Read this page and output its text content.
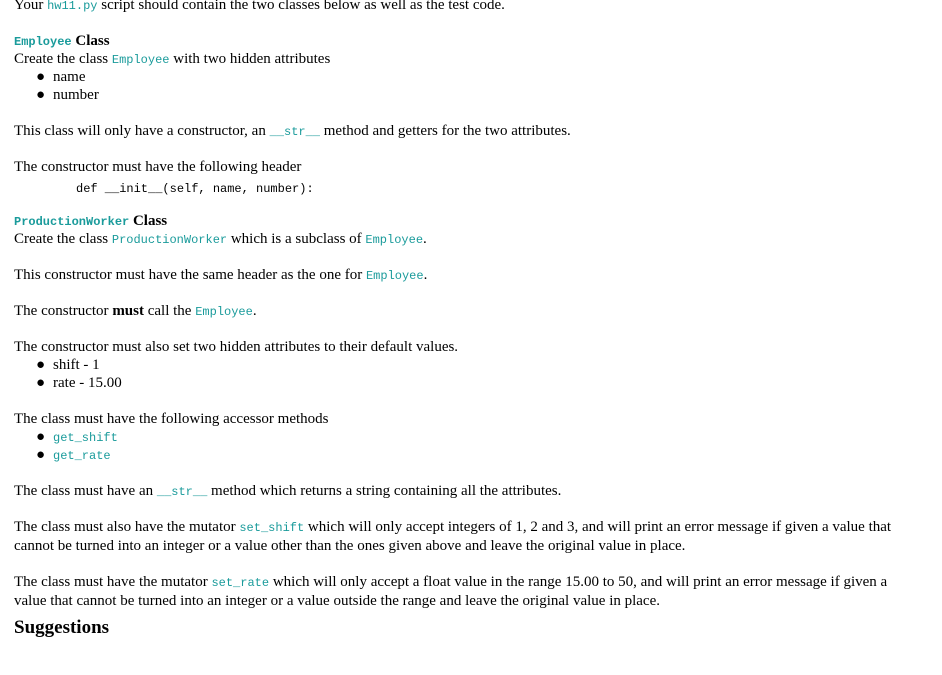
Your hw11.py script should contain the two classes below as well as the test code.
Employee Class
Create the class Employee with two hidden attributes
● name
● number
This class will only have a constructor, an __str__ method and getters for the two attributes.
The constructor must have the following header
def __init__(self, name, number):
ProductionWorker Class
Create the class ProductionWorker which is a subclass of Employee.
This constructor must have the same header as the one for Employee.
The constructor must call the Employee.
The constructor must also set two hidden attributes to their default values.
● shift - 1
● rate - 15.00
The class must have the following accessor methods
● get_shift
● get_rate
The class must have an __str__ method which returns a string containing all the attributes.
The class must also have the mutator set_shift which will only accept integers of 1, 2 and 3, and will print an error message if given a value that cannot be turned into an integer or a value other than the ones given above and leave the original value in place.
The class must have the mutator set_rate which will only accept a float value in the range 15.00 to 50, and will print an error message if given a value that cannot be turned into an integer or a value outside the range and leave the original value in place.
Suggestions
